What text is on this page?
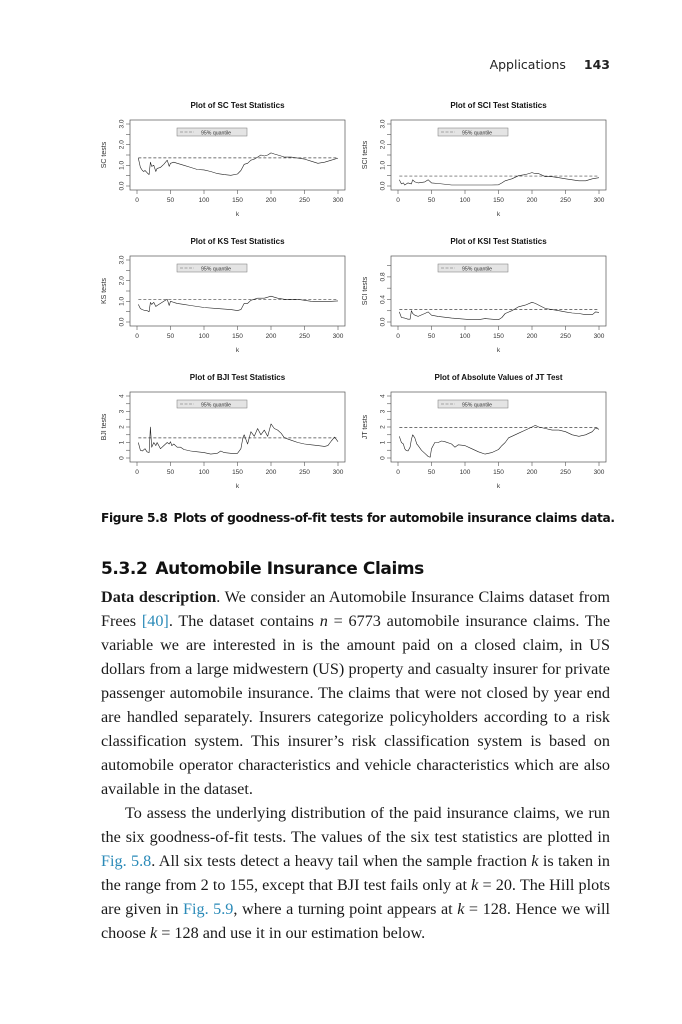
Applications 143
Plot of SC Test Statistics
0	50	100	150	200	250	300
k
0.0
1.0
2.0
3.0
SC tests
95% quantile
Plot of SCI Test Statistics
0	50	100	150	200	250	300
k
0.0
1.0
2.0
3.0
SCI tests
95% quantile
Plot of KS Test Statistics
0	50	100	150	200	250	300
k
0.0
1.0
2.0
3.0
KS tests
95% quantile
Plot of KSI Test Statistics
0	50	100	150	200	250	300
k
0.0
0.4
0.8
SCI tests
95% quantile
Plot of BJI Test Statistics
0	50	100	150	200	250	300
k
0
1
2
3
4
BJI tests
95% quantile
Plot of Absolute Values of JT Test
0	50	100	150	200	250	300
k
0
1
2
3
4
JT tests
95% quantile
Figure 5.8 Plots of goodness-of-fit tests for automobile insurance claims data.
5.3.2 Automobile Insurance Claims

Data description. We consider an Automobile Insurance Claims dataset from Frees [40]. The dataset contains n = 6773 automobile insurance claims. The variable we are interested in is the amount paid on a closed claim, in US dollars from a large midwestern (US) property and casualty insurer for private passenger automobile insurance. The claims that were not closed by year end are handled separately. Insurers categorize policyholders according to a risk classification system. This insurer’s risk classification system is based on automobile operator characteristics and vehicle characteristics which are also available in the dataset.

To assess the underlying distribution of the paid insurance claims, we run the six goodness-of-fit tests. The values of the six test statistics are plotted in Fig. 5.8. All six tests detect a heavy tail when the sample fraction k is taken in the range from 2 to 155, except that BJI test fails only at k = 20. The Hill plots are given in Fig. 5.9, where a turning point appears at k = 128. Hence we will choose k = 128 and use it in our estimation below.
